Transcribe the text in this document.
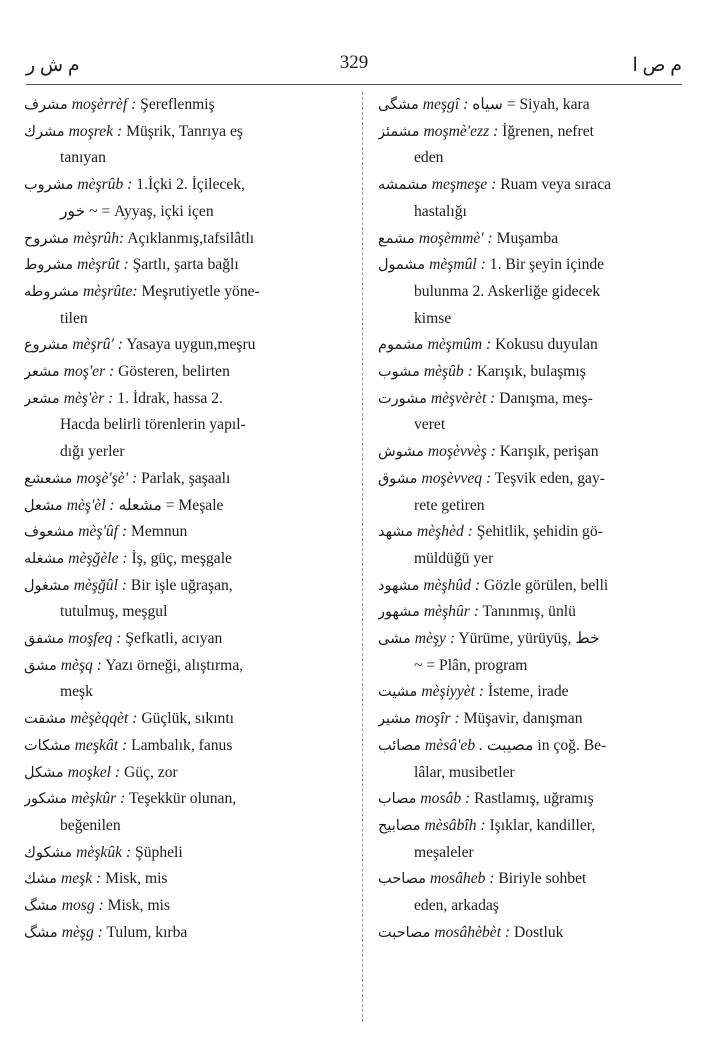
م ش ر	329	م ص ا

مشرف moşèrrèf : Şereflenmiş

مشرك moşrek : Müşrik, Tanrıya eş

tanıyan

مشروب mèşrûb : 1.İçki 2. İçilecek,

خور ~ = Ayyaş, içki içen

مشروح mèşrûh: Açıklanmış,tafsilâtlı

مشروط mèşrût : Şartlı, şarta bağlı

مشروطه mèşrûte: Meşrutiyetle yöne-

tilen

مشروع mèşrû' : Yasaya uygun,meşru

مشعر moş'er : Gösteren, belirten

مشعر mèş'èr : 1. İdrak, hassa 2.

Hacda belirli törenlerin yapıl-

dığı yerler

مشعشع moşè'şè' : Parlak, şaşaalı

مشعل mèş'èl : مشعله = Meşale

مشعوف mèş'ûf : Memnun

مشغله mèşğèle : İş, güç, meşgale

مشغول mèşğûl : Bir işle uğraşan,

tutulmuş, meşgul

مشفق moşfeq : Şefkatli, acıyan

مشق mèşq : Yazı örneği, alıştırma,

meşk

مشقت mèşèqqèt : Güçlük, sıkıntı

مشكات meşkât : Lambalık, fanus

مشكل moşkel : Güç, zor

مشكور mèşkûr : Teşekkür olunan,

beğenilen

مشكوك mèşkûk : Şüpheli

مشك meşk : Misk, mis

مشگ mosg : Misk, mis

مشگ mèşg : Tulum, kırba

مشگی meşgî : سیاه = Siyah, kara

مشمئز moşmè'ezz : İğrenen, nefret

eden

مشمشه meşmeşe : Ruam veya sıraca

hastalığı

مشمع moşèmmè' : Muşamba

مشمول mèşmûl : 1. Bir şeyin içinde

bulunma 2. Askerliğe gidecek

kimse

مشموم mèşmûm : Kokusu duyulan

مشوب mèşûb : Karışık, bulaşmış

مشورت mèşvèrèt : Danışma, meş-

veret

مشوش moşèvvèş : Karışık, perişan

مشوق moşèvveq : Teşvik eden, gay-

rete getiren

مشهد mèşhèd : Şehitlik, şehidin gö-

müldüğü yer

مشهود mèşhûd : Gözle görülen, belli

مشهور mèşhûr : Tanınmış, ünlü

مشی mèşy : Yürüme, yürüyüş, خط

~ = Plân, program

مشیت mèşiyyèt : İsteme, irade

مشیر moşîr : Müşavir, danışman

مصائب mèsâ'eb . مصیبت in çoğ. Be-

lâlar, musibetler

مصاب mosâb : Rastlamış, uğramış

مصابیح mèsâbîh : Işıklar, kandiller,

meşaleler

مصاحب mosâheb : Biriyle sohbet

eden, arkadaş

مصاحبت mosâhèbèt : Dostluk
